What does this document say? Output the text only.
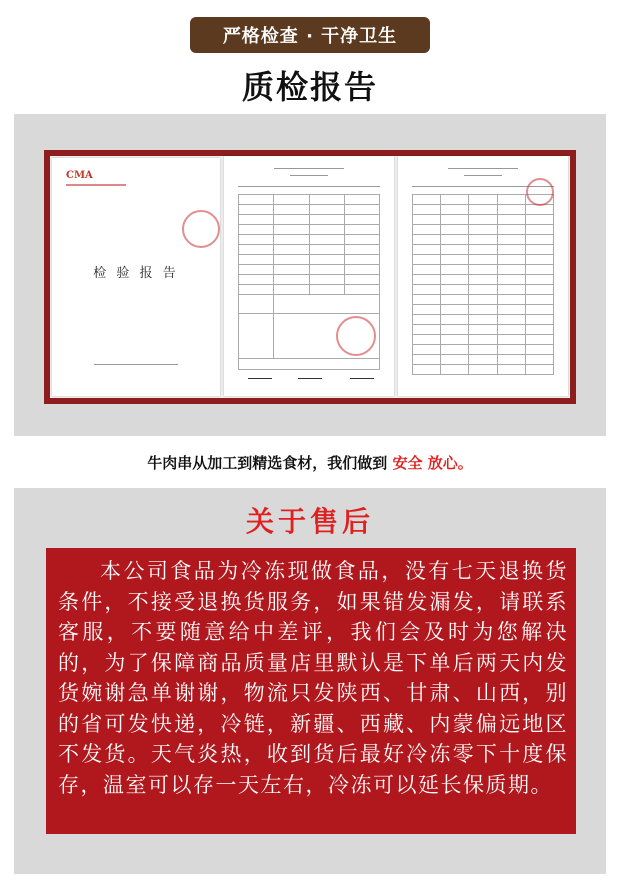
严格检查 · 干净卫生
质检报告
CMA
检 验 报 告

牛肉串从加工到精选食材，我们做到 安全 放心。
关于售后
本公司食品为冷冻现做食品，没有七天退换货条件，不接受退换货服务，如果错发漏发，请联系客服，不要随意给中差评，我们会及时为您解决的，为了保障商品质量店里默认是下单后两天内发货婉谢急单谢谢，物流只发陕西、甘肃、山西，别的省可发快递，冷链，新疆、西藏、内蒙偏远地区不发货。天气炎热，收到货后最好冷冻零下十度保存，温室可以存一天左右，冷冻可以延长保质期。
